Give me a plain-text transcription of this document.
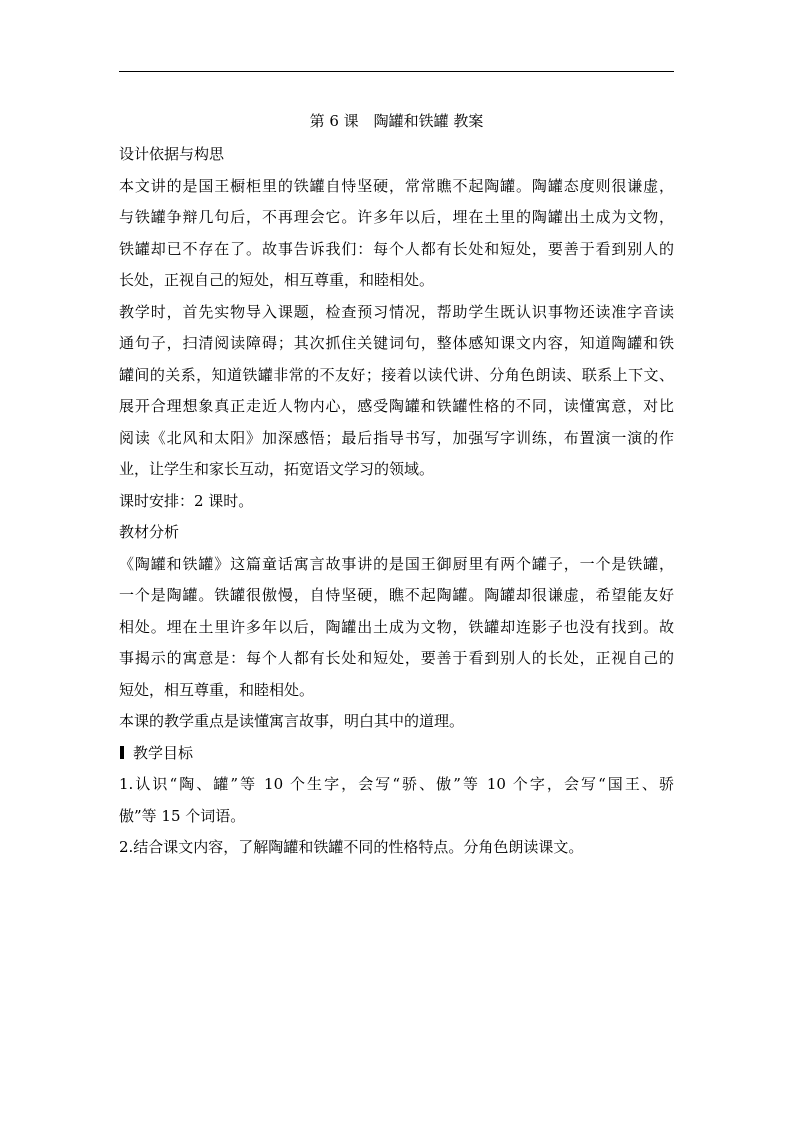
第 6 课　陶罐和铁罐 教案

设计依据与构思

本文讲的是国王橱柜里的铁罐自恃坚硬，常常瞧不起陶罐。陶罐态度则很谦虚，

与铁罐争辩几句后，不再理会它。许多年以后，埋在土里的陶罐出土成为文物，

铁罐却已不存在了。故事告诉我们：每个人都有长处和短处，要善于看到别人的

长处，正视自己的短处，相互尊重，和睦相处。

教学时，首先实物导入课题，检查预习情况，帮助学生既认识事物还读准字音读

通句子，扫清阅读障碍；其次抓住关键词句，整体感知课文内容，知道陶罐和铁

罐间的关系，知道铁罐非常的不友好；接着以读代讲、分角色朗读、联系上下文、

展开合理想象真正走近人物内心，感受陶罐和铁罐性格的不同，读懂寓意，对比

阅读《北风和太阳》加深感悟；最后指导书写，加强写字训练，布置演一演的作

业，让学生和家长互动，拓宽语文学习的领域。

课时安排：2 课时。

教材分析

《陶罐和铁罐》这篇童话寓言故事讲的是国王御厨里有两个罐子，一个是铁罐，

一个是陶罐。铁罐很傲慢，自恃坚硬，瞧不起陶罐。陶罐却很谦虚，希望能友好

相处。埋在土里许多年以后，陶罐出土成为文物，铁罐却连影子也没有找到。故

事揭示的寓意是：每个人都有长处和短处，要善于看到别人的长处，正视自己的

短处，相互尊重，和睦相处。

本课的教学重点是读懂寓言故事，明白其中的道理。

教学目标

1.认识“陶、罐”等 10 个生字，会写“骄、傲”等 10 个字，会写“国王、骄

傲”等 15 个词语。

2.结合课文内容，了解陶罐和铁罐不同的性格特点。分角色朗读课文。
